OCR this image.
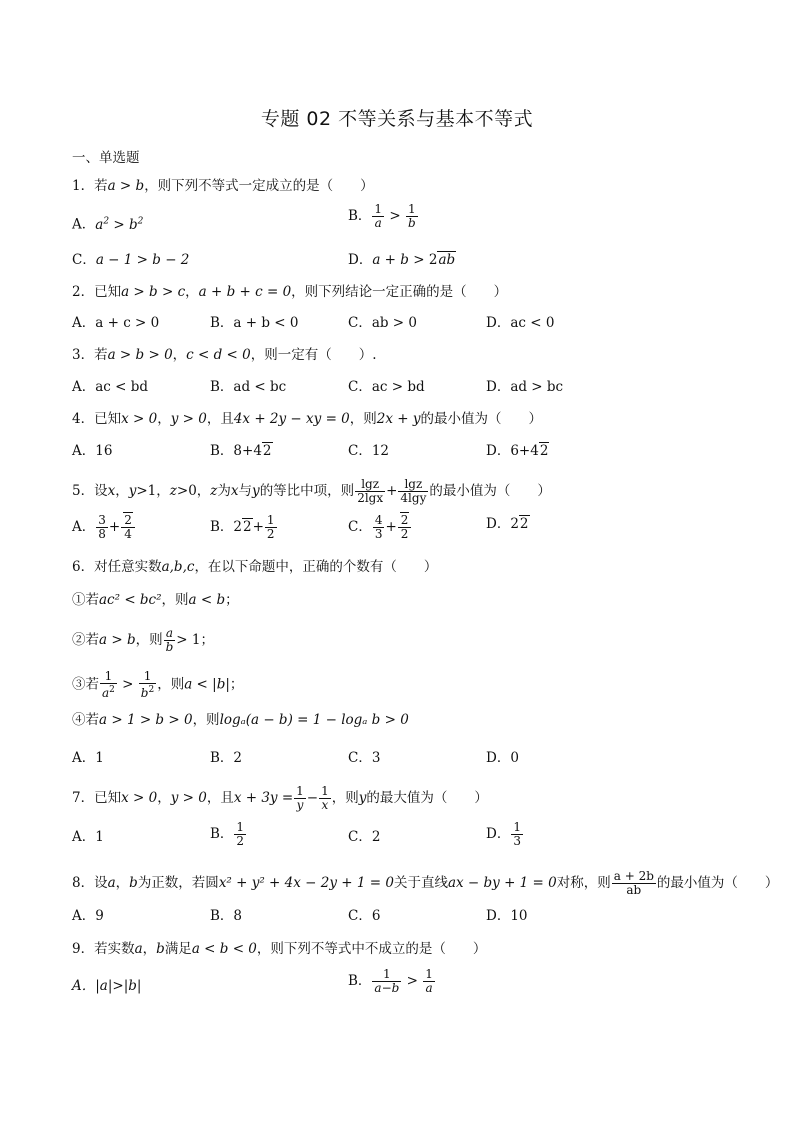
专题 02 不等关系与基本不等式
一、单选题
1．若a > b，则下列不等式一定成立的是（　　）
A．$a^2 > b^2$	B． $\frac{1}{a} > \frac{1}{b}$
C．a − 1 > b − 2	D．a + b > 2ab
2．已知a > b > c，a + b + c = 0，则下列结论一定正确的是（　　）
A．a + c > 0	B．a + b < 0	C．ab > 0	D．ac < 0
3．若a > b > 0，c < d < 0，则一定有（　　）.
A．ac < bd	B．ad < bc	C．ac > bd	D．ad > bc
4．已知x > 0，y > 0，且4x + 2y − xy = 0，则2x + y的最小值为（　　）
A．16	B．8+42	C．12	D．6+42
5．设x，y>1，z>0，z为x与y的等比中项，则 $\frac{\lg z}{2\lg x} + \frac{\lg z}{4\lg y}$ 的最小值为（　　）
A． $\frac{3}{8} + \frac{2}{4}$	B．$22+ \frac{1}{2}$	C． $\frac{4}{3} + \frac{2}{2}$	D．22
6．对任意实数a,b,c，在以下命题中，正确的个数有（　　）
①若ac² < bc²，则a < b；
②若a > b，则 $\frac{a}{b} > 1$；
③若 $\frac{1}{a^2} > \frac{1}{b^2}$ ，则a < |b|；
④若a > 1 > b > 0，则logₐ(a − b) = 1 − logₐ b > 0
A．1	B．2	C．3	D．0
7．已知x > 0，y > 0，且$x + 3y = \frac{1}{y} - \frac{1}{x}$ ，则y的最大值为（　　）
A．1	B． $\frac{1}{2}$	C．2	D． $\frac{1}{3}$
8．设a，b为正数，若圆x² + y² + 4x − 2y + 1 = 0关于直线ax − by + 1 = 0对称，则 $\frac{a + 2b}{ab}$ 的最小值为（　　）
A．9	B．8	C．6	D．10
9．若实数a，b满足a < b < 0，则下列不等式中不成立的是（　　）
A．|a|>|b|	B． $\frac{1}{a-b} > \frac{1}{a}$
